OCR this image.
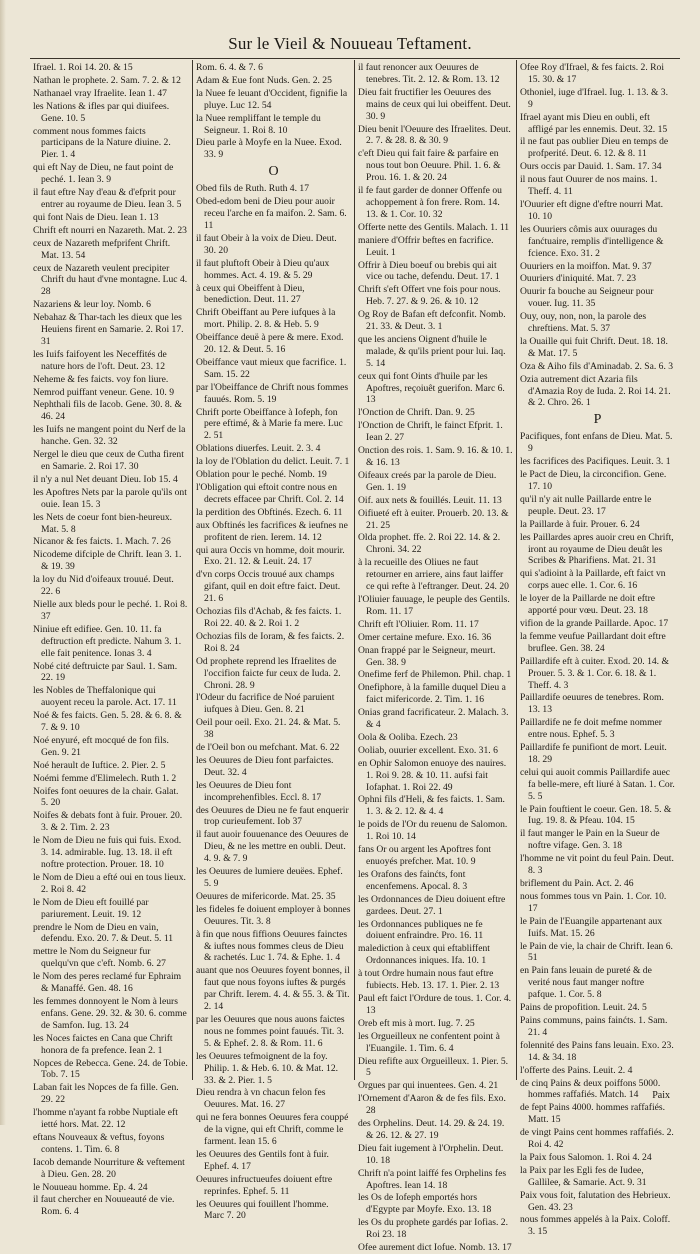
Sur le Vieil & Nouueau Teftament.

Ifrael. 1. Roi 14. 20. & 15

Nathan le prophete. 2. Sam. 7. 2. & 12

Nathanael vray Ifraelite. Iean 1. 47

les Nations & ifles par qui diuifees. Gene. 10. 5

comment nous fommes faicts participans de la Nature diuine. 2. Pier. 1. 4

qui eft Nay de Dieu, ne faut point de peché. 1. Iean 3. 9

il faut eftre Nay d'eau & d'efprit pour entrer au royaume de Dieu. Iean 3. 5

qui font Nais de Dieu. Iean 1. 13

Chrift eft nourri en Nazareth. Mat. 2. 23

ceux de Nazareth mefprifent Chrift. Mat. 13. 54

ceux de Nazareth veulent precipiter Chrift du haut d'vne montagne. Luc 4. 28

Nazariens & leur loy. Nomb. 6

Nebahaz & Thar-tach les dieux que les Heuiens firent en Samarie. 2. Roi 17. 31

les Iuifs faifoyent les Neceffités de nature hors de l'oft. Deut. 23. 12

Neheme & fes faicts. voy fon liure.

Nemrod puiffant veneur. Gene. 10. 9

Nephthali fils de Iacob. Gene. 30. 8. & 46. 24

les Iuifs ne mangent point du Nerf de la hanche. Gen. 32. 32

Nergel le dieu que ceux de Cutha firent en Samarie. 2. Roi 17. 30

il n'y a nul Net deuant Dieu. Iob 15. 4

les Apoftres Nets par la parole qu'ils ont ouie. Iean 15. 3

les Nets de coeur font bien-heureux. Mat. 5. 8

Nicanor & fes faicts. 1. Mach. 7. 26

Nicodeme difciple de Chrift. Iean 3. 1. & 19. 39

la loy du Nid d'oifeaux trouué. Deut. 22. 6

Nielle aux bleds pour le peché. 1. Roi 8. 37

Niniue eft edifiee. Gen. 10. 11. fa deftruction eft predicte. Nahum 3. 1. elle fait penitence. Ionas 3. 4

Nobé cité deftruicte par Saul. 1. Sam. 22. 19

les Nobles de Theffalonique qui auoyent receu la parole. Act. 17. 11

Noé & fes faicts. Gen. 5. 28. & 6. 8. & 7. & 9. 10

Noé enyuré, eft mocqué de fon fils. Gen. 9. 21

Noé herault de Iuftice. 2. Pier. 2. 5

Noémi femme d'Elimelech. Ruth 1. 2

Noifes font oeuures de la chair. Galat. 5. 20

Noifes & debats font à fuir. Prouer. 20. 3. & 2. Tim. 2. 23

le Nom de Dieu ne fuis qui fuis. Exod. 3. 14. admirable. Iug. 13. 18. il eft noftre protection. Prouer. 18. 10

le Nom de Dieu a efté oui en tous lieux. 2. Roi 8. 42

le Nom de Dieu eft fouillé par pariurement. Leuit. 19. 12

prendre le Nom de Dieu en vain, defendu. Exo. 20. 7. & Deut. 5. 11

mettre le Nom du Seigneur fur quelqu'vn que c'eft. Nomb. 6. 27

le Nom des peres reclamé fur Ephraim & Manaffé. Gen. 48. 16

les femmes donnoyent le Nom à leurs enfans. Gene. 29. 32. & 30. 6. comme de Samfon. Iug. 13. 24

les Noces faictes en Cana que Chrift honora de fa prefence. Iean 2. 1

Nopces de Rebecca. Gene. 24. de Tobie. Tob. 7. 15

Laban fait les Nopces de fa fille. Gen. 29. 22

l'homme n'ayant fa robbe Nuptiale eft ietté hors. Mat. 22. 12

eftans Nouveaux & veftus, foyons contens. 1. Tim. 6. 8

Iacob demande Nourriture & veftement à Dieu. Gen. 28. 20

le Nouueau homme. Ep. 4. 24

il faut chercher en Nouueauté de vie. Rom. 6. 4

Rom. 6. 4. & 7. 6

Adam & Eue font Nuds. Gen. 2. 25

la Nuee fe leuant d'Occident, fignifie la pluye. Luc 12. 54

la Nuee rempliffant le temple du Seigneur. 1. Roi 8. 10

Dieu parle à Moyfe en la Nuee. Exod. 33. 9

O

Obed fils de Ruth. Ruth 4. 17

Obed-edom beni de Dieu pour auoir receu l'arche en fa maifon. 2. Sam. 6. 11

il faut Obeir à la voix de Dieu. Deut. 30. 20

il faut pluftoft Obeir à Dieu qu'aux hommes. Act. 4. 19. & 5. 29

à ceux qui Obeiffent à Dieu, benediction. Deut. 11. 27

Chrift Obeiffant au Pere iufques à la mort. Philip. 2. 8. & Heb. 5. 9

Obeiffance deuë à pere & mere. Exod. 20. 12. & Deut. 5. 16

Obeiffance vaut mieux que facrifice. 1. Sam. 15. 22

par l'Obeiffance de Chrift nous fommes fauués. Rom. 5. 19

Chrift porte Obeiffance à Iofeph, fon pere eftimé, & à Marie fa mere. Luc 2. 51

Oblations diuerfes. Leuit. 2. 3. 4

la loy de l'Oblation du delict. Leuit. 7. 1

Oblation pour le peché. Nomb. 19

l'Obligation qui eftoit contre nous en decrets effacee par Chrift. Col. 2. 14

la perdition des Obftinés. Ezech. 6. 11

aux Obftinés les facrifices & ieufnes ne profitent de rien. Ierem. 14. 12

qui aura Occis vn homme, doit mourir. Exo. 21. 12. & Leuit. 24. 17

d'vn corps Occis trouué aux champs gifant, quil en doit eftre faict. Deut. 21. 6

Ochozias fils d'Achab, & fes faicts. 1. Roi 22. 40. & 2. Roi 1. 2

Ochozias fils de Ioram, & fes faicts. 2. Roi 8. 24

Od prophete reprend les Ifraelites de l'occifion faicte fur ceux de Iuda. 2. Chroni. 28. 9

l'Odeur du facrifice de Noé paruient iufques à Dieu. Gen. 8. 21

Oeil pour oeil. Exo. 21. 24. & Mat. 5. 38

de l'Oeil bon ou mefchant. Mat. 6. 22

les Oeuures de Dieu font parfaictes. Deut. 32. 4

les Oeuures de Dieu font incomprehenfibles. Eccl. 8. 17

des Oeuures de Dieu ne fe faut enquerir trop curieufement. Iob 37

il faut auoir fouuenance des Oeuures de Dieu, & ne les mettre en oubli. Deut. 4. 9. & 7. 9

les Oeuures de lumiere deuëes. Ephef. 5. 9

Oeuures de mifericorde. Mat. 25. 35

les fideles fe doiuent employer à bonnes Oeuures. Tit. 3. 8

à fin que nous fiffions Oeuures fainctes & iuftes nous fommes cleus de Dieu & rachetés. Luc 1. 74. & Ephe. 1. 4

auant que nos Oeuures foyent bonnes, il faut que nous foyons iuftes & purgés par Chrift. Ierem. 4. 4. & 55. 3. & Tit. 2. 14

par les Oeuures que nous auons faictes nous ne fommes point fauués. Tit. 3. 5. & Ephef. 2. 8. & Rom. 11. 6

les Oeuures tefmoignent de la foy. Philip. 1. & Heb. 6. 10. & Mat. 12. 33. & 2. Pier. 1. 5

Dieu rendra à vn chacun felon fes Oeuures. Mat. 16. 27

qui ne fera bonnes Oeuures fera couppé de la vigne, qui eft Chrift, comme le farment. Iean 15. 6

les Oeuures des Gentils font à fuir. Ephef. 4. 17

Oeuures infructueufes doiuent eftre reprinfes. Ephef. 5. 11

les Oeuures qui fouillent l'homme. Marc 7. 20

il faut renoncer aux Oeuures de tenebres. Tit. 2. 12. & Rom. 13. 12

Dieu fait fructifier les Oeuures des mains de ceux qui lui obeiffent. Deut. 30. 9

Dieu benit l'Oeuure des Ifraelites. Deut. 2. 7. & 28. 8. & 30. 9

c'eft Dieu qui fait faire & parfaire en nous tout bon Oeuure. Phil. 1. 6. & Prou. 16. 1. & 20. 24

il fe faut garder de donner Offenfe ou achoppement à fon frere. Rom. 14. 13. & 1. Cor. 10. 32

Offerte nette des Gentils. Malach. 1. 11

maniere d'Offrir beftes en facrifice. Leuit. 1

Offrir à Dieu boeuf ou brebis qui ait vice ou tache, defendu. Deut. 17. 1

Chrift s'eft Offert vne fois pour nous. Heb. 7. 27. & 9. 26. & 10. 12

Og Roy de Bafan eft defconfit. Nomb. 21. 33. & Deut. 3. 1

que les anciens Oignent d'huile le malade, & qu'ils prient pour lui. Iaq. 5. 14

ceux qui font Oints d'huile par les Apoftres, reçoiuêt guerifon. Marc 6. 13

l'Onction de Chrift. Dan. 9. 25

l'Onction de Chrift, le fainct Efprit. 1. Iean 2. 27

Onction des rois. 1. Sam. 9. 16. & 10. 1. & 16. 13

Oifeaux creés par la parole de Dieu. Gen. 1. 19

Oif. aux nets & fouillés. Leuit. 11. 13

Oifiueté eft à euiter. Prouerb. 20. 13. & 21. 25

Olda prophet. ffe. 2. Roi 22. 14. & 2. Chroni. 34. 22

à la recueille des Oliues ne faut retourner en arriere, ains faut laiffer ce qui refte à l'eftranger. Deut. 24. 20

l'Oliuier fauuage, le peuple des Gentils. Rom. 11. 17

Chrift eft l'Oliuier. Rom. 11. 17

Omer certaine mefure. Exo. 16. 36

Onan frappé par le Seigneur, meurt. Gen. 38. 9

Onefime ferf de Philemon. Phil. chap. 1

Onefiphore, à la famille duquel Dieu a faict mifericorde. 2. Tim. 1. 16

Onias grand facrificateur. 2. Malach. 3. & 4

Oola & Ooliba. Ezech. 23

Ooliab, ouurier excellent. Exo. 31. 6

en Ophir Salomon enuoye des nauires. 1. Roi 9. 28. & 10. 11. aufsi fait Iofaphat. 1. Roi 22. 49

Ophni fils d'Heli, & fes faicts. 1. Sam. 1. 3. & 2. 12. & 4. 4

le poids de l'Or du reuenu de Salomon. 1. Roi 10. 14

fans Or ou argent les Apoftres font enuoyés prefcher. Mat. 10. 9

les Orafons des fainćts, font encenfemens. Apocal. 8. 3

les Ordonnances de Dieu doiuent eftre gardees. Deut. 27. 1

les Ordonnances publiques ne fe doiuent enfraindre. Pro. 16. 11

malediction à ceux qui eftabliffent Ordonnances iniques. Ifa. 10. 1

à tout Ordre humain nous faut eftre fubiects. Heb. 13. 17. 1. Pier. 2. 13

Paul eft faict l'Ordure de tous. 1. Cor. 4. 13

Oreb eft mis à mort. Iug. 7. 25

les Orgueilleux ne confentent point à l'Euangile. 1. Tim. 6. 4

Dieu refifte aux Orgueilleux. 1. Pier. 5. 5

Orgues par qui inuentees. Gen. 4. 21

l'Ornement d'Aaron & de fes fils. Exo. 28

des Orphelins. Deut. 14. 29. & 24. 19. & 26. 12. & 27. 19

Dieu fait iugement à l'Orphelin. Deut. 10. 18

Chrift n'a point laiffé fes Orphelins fes Apoftres. Iean 14. 18

les Os de Iofeph emportés hors d'Egypte par Moyfe. Exo. 13. 18

les Os du prophete gardés par Iofias. 2. Roi 23. 18

Ofee aurement dict Iofue. Nomb. 13. 17

Ofee Roy d'Ifrael, & fes faicts. 2. Roi 15. 30. & 17

Othoniel, iuge d'Ifrael. Iug. 1. 13. & 3. 9

Ifrael ayant mis Dieu en oubli, eft affligé par les ennemis. Deut. 32. 15

il ne faut pas oublier Dieu en temps de profperité. Deut. 6. 12. & 8. 11

Ours occis par Dauid. 1. Sam. 17. 34

il nous faut Ouurer de nos mains. 1. Theff. 4. 11

l'Ouurier eft digne d'eftre nourri Mat. 10. 10

les Ouuriers cômis aux ouurages du fanćtuaire, remplis d'intelligence & fcience. Exo. 31. 2

Ouuriers en la moiffon. Mat. 9. 37

Ouuriers d'iniquité. Mat. 7. 23

Ouurir fa bouche au Seigneur pour vouer. Iug. 11. 35

Ouy, ouy, non, non, la parole des chreftiens. Mat. 5. 37

la Ouaille qui fuit Chrift. Deut. 18. 18. & Mat. 17. 5

Oza & Aiho fils d'Aminadab. 2. Sa. 6. 3

Ozia autrement dict Azaria fils d'Amazia Roy de Iuda. 2. Roi 14. 21. & 2. Chro. 26. 1

P

Pacifiques, font enfans de Dieu. Mat. 5. 9

les facrifices des Pacifiques. Leuit. 3. 1

le Pact de Dieu, la circoncifion. Gene. 17. 10

qu'il n'y ait nulle Paillarde entre le peuple. Deut. 23. 17

la Paillarde à fuir. Prouer. 6. 24

les Paillardes apres auoir creu en Chrift, iront au royaume de Dieu deuât les Scribes & Pharifiens. Mat. 21. 31

qui s'adioint à la Paillarde, eft faict vn corps auec elle. 1. Cor. 6. 16

le loyer de la Paillarde ne doit eftre apporté pour vœu. Deut. 23. 18

vifion de la grande Paillarde. Apoc. 17

la femme veufue Paillardant doit eftre bruflee. Gen. 38. 24

Paillardife eft à cuiter. Exod. 20. 14. & Prouer. 5. 3. & 1. Cor. 6. 18. & 1. Theff. 4. 3

Paillardife oeuures de tenebres. Rom. 13. 13

Paillardife ne fe doit mefme nommer entre nous. Ephef. 5. 3

Paillardife fe punifiont de mort. Leuit. 18. 29

celui qui auoit commis Paillardife auec fa belle-mere, eft liuré à Satan. 1. Cor. 5. 5

le Pain fouftient le coeur. Gen. 18. 5. & Iug. 19. 8. & Pfeau. 104. 15

il faut manger le Pain en la Sueur de noftre vifage. Gen. 3. 18

l'homme ne vit point du feul Pain. Deut. 8. 3

briflement du Pain. Act. 2. 46

nous fommes tous vn Pain. 1. Cor. 10. 17

le Pain de l'Euangile appartenant aux Iuifs. Mat. 15. 26

le Pain de vie, la chair de Chrift. Iean 6. 51

en Pain fans leuain de pureté & de verité nous faut manger noftre pafque. 1. Cor. 5. 8

Pains de propofition. Leuit. 24. 5

Pains communs, pains fainćts. 1. Sam. 21. 4

folennité des Pains fans leuain. Exo. 23. 14. & 34. 18

l'offerte des Pains. Leuit. 2. 4

de cinq Pains & deux poiffons 5000. hommes raffafiés. Match. 14

de fept Pains 4000. hommes raffafiés. Matt. 15

de vingt Pains cent hommes raffafiés. 2. Roi 4. 42

la Paix fous Salomon. 1. Roi 4. 24

la Paix par les Egli fes de Iudee, Gallilee, & Samarie. Act. 9. 31

Paix vous foit, falutation des Hebrieux. Gen. 43. 23

nous fommes appelés à la Paix. Coloff. 3. 15

Paix
